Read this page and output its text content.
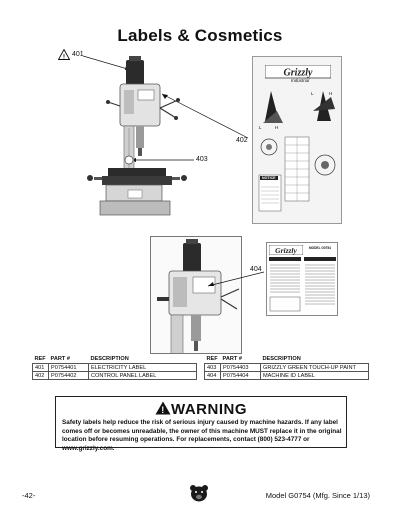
Labels & Cosmetics
! 401
402
403
Grizzly
Industrial
L	H
L	H
NOTICE
404
Grizzly	MODEL G0754
REF	PART #	DESCRIPTION
401	P0754401	ELECTRICITY LABEL
402	P0754402	CONTROL PANEL LABEL
REF	PART #	DESCRIPTION
403	P0754403	GRIZZLY GREEN TOUCH-UP PAINT
404	P0754404	MACHINE ID LABEL
! WARNING
Safety labels help reduce the risk of serious injury caused by machine hazards. If any label comes off or becomes unreadable, the owner of this machine MUST replace it in the original location before resuming operations. For replacements, contact (800) 523-4777 or www.grizzly.com.
-42-	Model G0754 (Mfg. Since 1/13)
